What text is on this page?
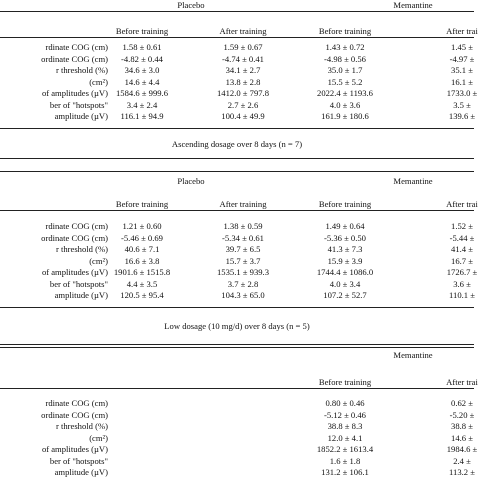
Placebo	Memantine
Before training	After training	Before training	After trai
rdinate COG (cm) 1.58 ± 0.61	1.59 ± 0.67	1.43 ± 0.72	1.45 ±
ordinate COG (cm) -4.82 ± 0.44	-4.74 ± 0.41	-4.98 ± 0.56	-4.97 ±
r threshold (%) 34.6 ± 3.0	34.1 ± 2.7	35.0 ± 1.7	35.1 ±
(cm²) 14.6 ± 4.4	13.8 ± 2.8	15.5 ± 5.2	16.1 ±
of amplitudes (µV) 1584.6 ± 999.6	1412.0 ± 797.8	2022.4 ± 1193.6	1733.0 ±
ber of "hotspots" 3.4 ± 2.4	2.7 ± 2.6	4.0 ± 3.6	3.5 ±
amplitude (µV) 116.1 ± 94.9	100.4 ± 49.9	161.9 ± 180.6	139.6 ±
Ascending dosage over 8 days (n = 7)
Placebo	Memantine
Before training	After training	Before training	After trai
rdinate COG (cm) 1.21 ± 0.60	1.38 ± 0.59	1.49 ± 0.64	1.52 ±
ordinate COG (cm) -5.46 ± 0.69	-5.34 ± 0.61	-5.36 ± 0.50	-5.44 ±
r threshold (%) 40.6 ± 7.1	39.7 ± 6.5	41.3 ± 7.3	41.4 ±
(cm²) 16.6 ± 3.8	15.7 ± 3.7	15.9 ± 3.9	16.7 ±
of amplitudes (µV) 1901.6 ± 1515.8	1535.1 ± 939.3	1744.4 ± 1086.0	1726.7 ±
ber of "hotspots" 4.4 ± 3.5	3.7 ± 2.8	4.0 ± 3.4	3.6 ±
amplitude (µV) 120.5 ± 95.4	104.3 ± 65.0	107.2 ± 52.7	110.1 ±
Low dosage (10 mg/d) over 8 days (n = 5)
Memantine
Before training	After trai
rdinate COG (cm)	0.80 ± 0.46	0.62 ±
ordinate COG (cm)	-5.12 ± 0.46	-5.20 ±
r threshold (%)	38.8 ± 8.3	38.8 ±
(cm²)	12.0 ± 4.1	14.6 ±
of amplitudes (µV)	1852.2 ± 1613.4	1984.6 ±
ber of "hotspots"	1.6 ± 1.8	2.4 ±
amplitude (µV)	131.2 ± 106.1	113.2 ±
